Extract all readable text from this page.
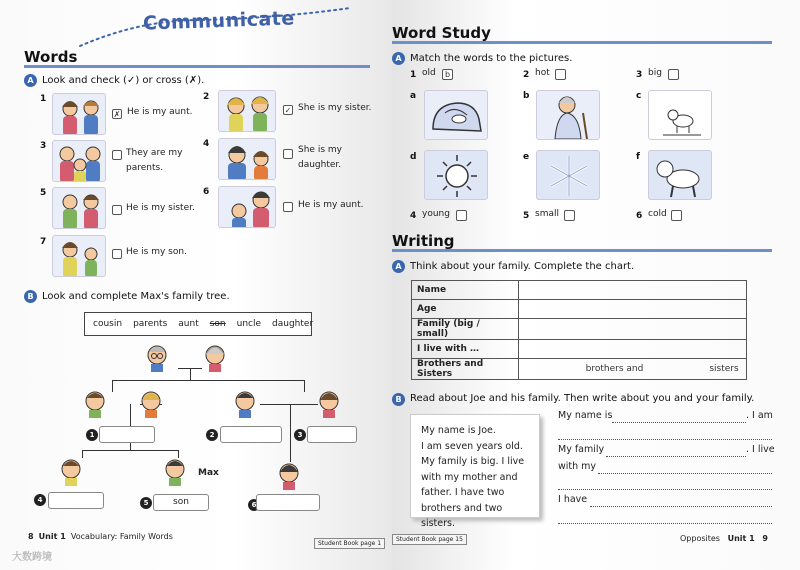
Communicate
Words
A Look and check (✓) or cross (✗).
1
✗ He is my aunt.
2
✓ She is my sister.
3
They are my parents.
4
She is my daughter.
5
He is my sister.
6
He is my aunt.
7
He is my son.
B Look and complete Max's family tree.
cousin parents aunt son uncle daughter
Max
1	2	3
4	5	son	6
8 Unit 1 Vocabulary: Family Words
Student Book page 1
大数跨境
Word Study
A Match the words to the pictures.
1 old	b	2 hot	3 big
a	b	c
d	e	f
4 young	5 small	6 cold
Writing
A Think about your family. Complete the chart.
Name	
Age	
Family (big / small)	
I live with …	
Brothers and Sisters	brothers and sisters
B Read about Joe and his family. Then write about you and your family.
My name is Joe.
I am seven years old.
My family is big. I live
with my mother and
father. I have two
brothers and two sisters.
My name is	. I am
My family	. I live
with my
I have
Student Book page 15	Opposites Unit 1 9
